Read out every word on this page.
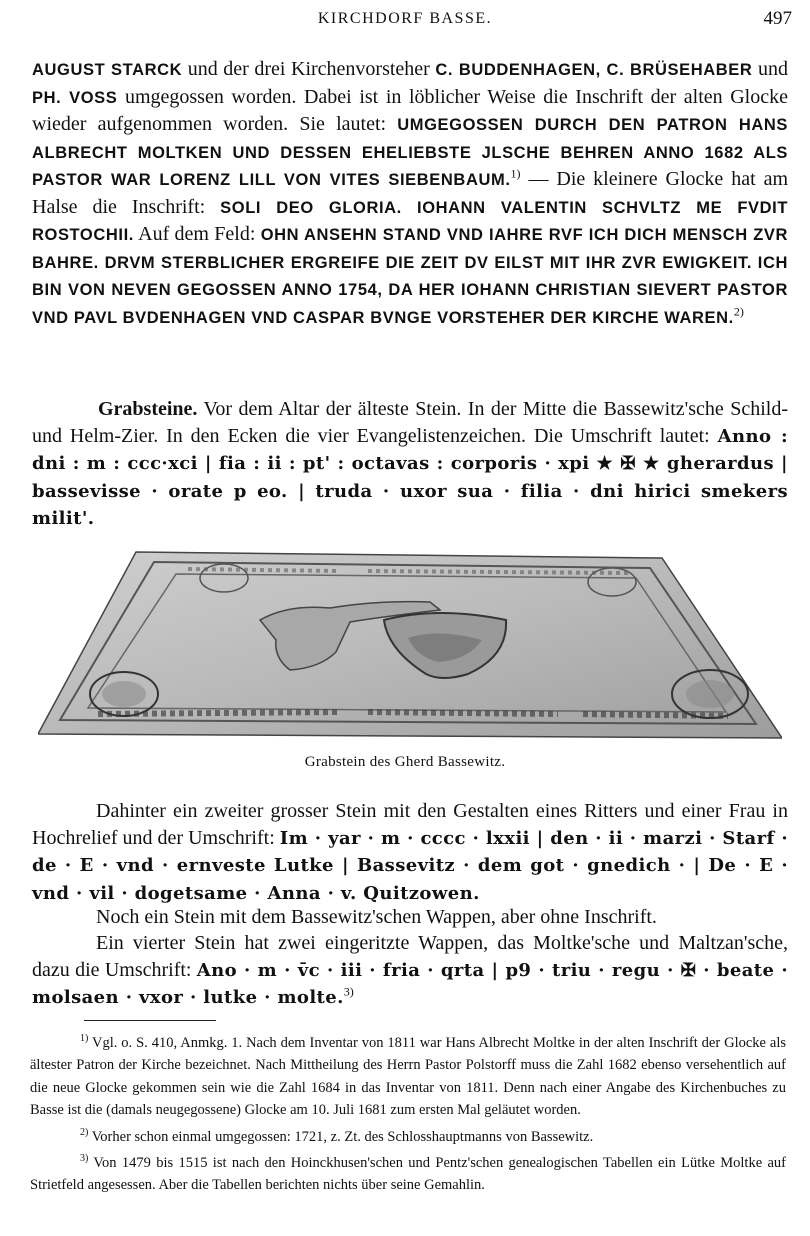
KIRCHDORF BASSE.	497
AUGUST STARCK und der drei Kirchenvorsteher C. BUDDENHAGEN, C. BRÜSEHABER und PH. VOSS umgegossen worden. Dabei ist in löblicher Weise die Inschrift der alten Glocke wieder aufgenommen worden. Sie lautet: UMGEGOSSEN DURCH DEN PATRON HANS ALBRECHT MOLTKEN UND DESSEN EHELIEBSTE JLSCHE BEHREN ANNO 1682 ALS PASTOR WAR LORENZ LILL VON VITES SIEBENBAUM.$^{1)}$ — Die kleinere Glocke hat am Halse die Inschrift: SOLI DEO GLORIA. IOHANN VALENTIN SCHVLTZ ME FVDIT ROSTOCHII. Auf dem Feld: OHN ANSEHN STAND VND IAHRE RVF ICH DICH MENSCH ZVR BAHRE. DRVM STERBLICHER ERGREIFE DIE ZEIT DV EILST MIT IHR ZVR EWIGKEIT. ICH BIN VON NEVEN GEGOSSEN ANNO 1754, DA HER IOHANN CHRISTIAN SIEVERT PASTOR VND PAVL BVDENHAGEN VND CASPAR BVNGE VORSTEHER DER KIRCHE WAREN.$^{2)}$
Grabsteine. Vor dem Altar der älteste Stein. In der Mitte die Bassewitz'sche Schild- und Helm-Zier. In den Ecken die vier Evangelistenzeichen. Die Umschrift lautet: Anno : dni : m : ccc·xci | fia : ii : pt' : octavas : corporis · xpi ★ ✠ ★ gherardus | bassevisse · orate p eo. | truda · uxor sua · filia · dni hirici smekers milit'.
Grabstein des Gherd Bassewitz.
Dahinter ein zweiter grosser Stein mit den Gestalten eines Ritters und einer Frau in Hochrelief und der Umschrift: Im · yar · m · cccc · lxxii | den · ii · marzi · Starf · de · E · vnd · ernveste Lutke | Bassevitz · dem got · gnedich · | De · E · vnd · vil · dogetsame · Anna · v. Quitzowen.
Noch ein Stein mit dem Bassewitz'schen Wappen, aber ohne Inschrift.
Ein vierter Stein hat zwei eingeritzte Wappen, das Moltke'sche und Maltzan'sche, dazu die Umschrift: Ano · m · v̄c · iii · fria · qrta | p9 · triu · regu · ✠ · beate · molsaen · vxor · lutke · molte.$^{3)}$

$^{1)}$ Vgl. o. S. 410, Anmkg. 1. Nach dem Inventar von 1811 war Hans Albrecht Moltke in der alten Inschrift der Glocke als ältester Patron der Kirche bezeichnet. Nach Mittheilung des Herrn Pastor Polstorff muss die Zahl 1682 ebenso versehentlich auf die neue Glocke gekommen sein wie die Zahl 1684 in das Inventar von 1811. Denn nach einer Angabe des Kirchenbuches zu Basse ist die (damals neugegossene) Glocke am 10. Juli 1681 zum ersten Mal geläutet worden.

$^{2)}$ Vorher schon einmal umgegossen: 1721, z. Zt. des Schlosshauptmanns von Bassewitz.

$^{3)}$ Von 1479 bis 1515 ist nach den Hoinckhusen'schen und Pentz'schen genealogischen Tabellen ein Lütke Moltke auf Strietfeld angesessen. Aber die Tabellen berichten nichts über seine Gemahlin.
